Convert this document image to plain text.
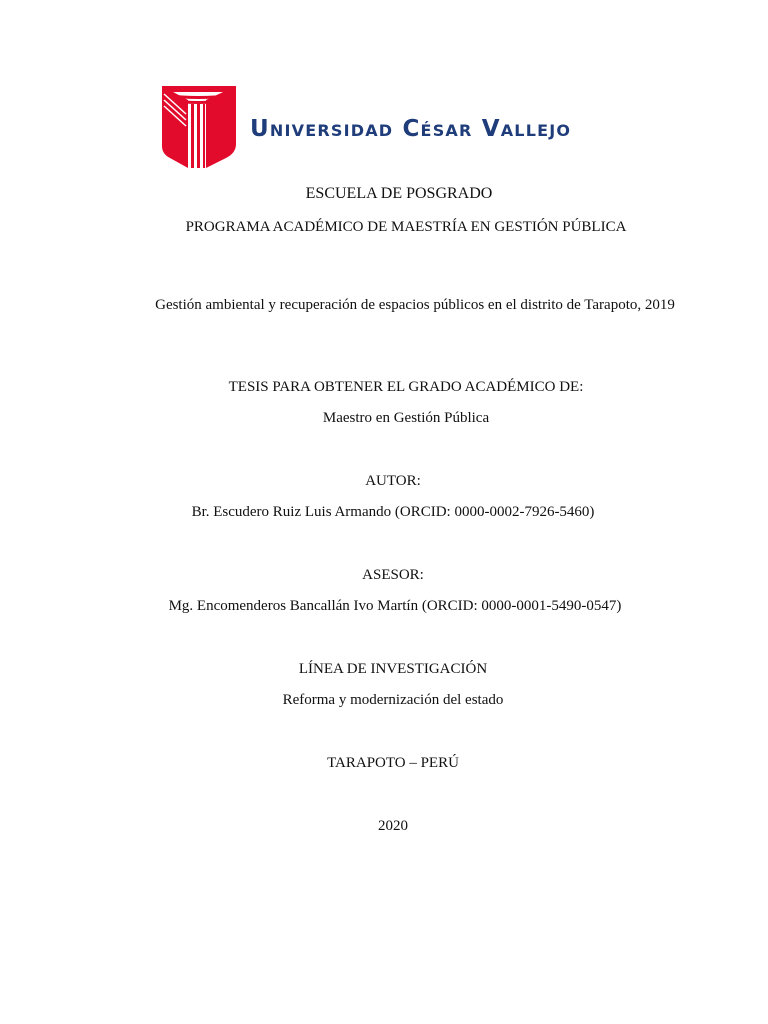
Universidad César Vallejo
ESCUELA DE POSGRADO
PROGRAMA ACADÉMICO DE MAESTRÍA EN GESTIÓN PÚBLICA
Gestión ambiental y recuperación de espacios públicos en el distrito de Tarapoto, 2019
TESIS PARA OBTENER EL GRADO ACADÉMICO DE:
Maestro en Gestión Pública
AUTOR:
Br. Escudero Ruiz Luis Armando (ORCID: 0000-0002-7926-5460)
ASESOR:
Mg. Encomenderos Bancallán Ivo Martín (ORCID: 0000-0001-5490-0547)
LÍNEA DE INVESTIGACIÓN
Reforma y modernización del estado
TARAPOTO – PERÚ
2020
